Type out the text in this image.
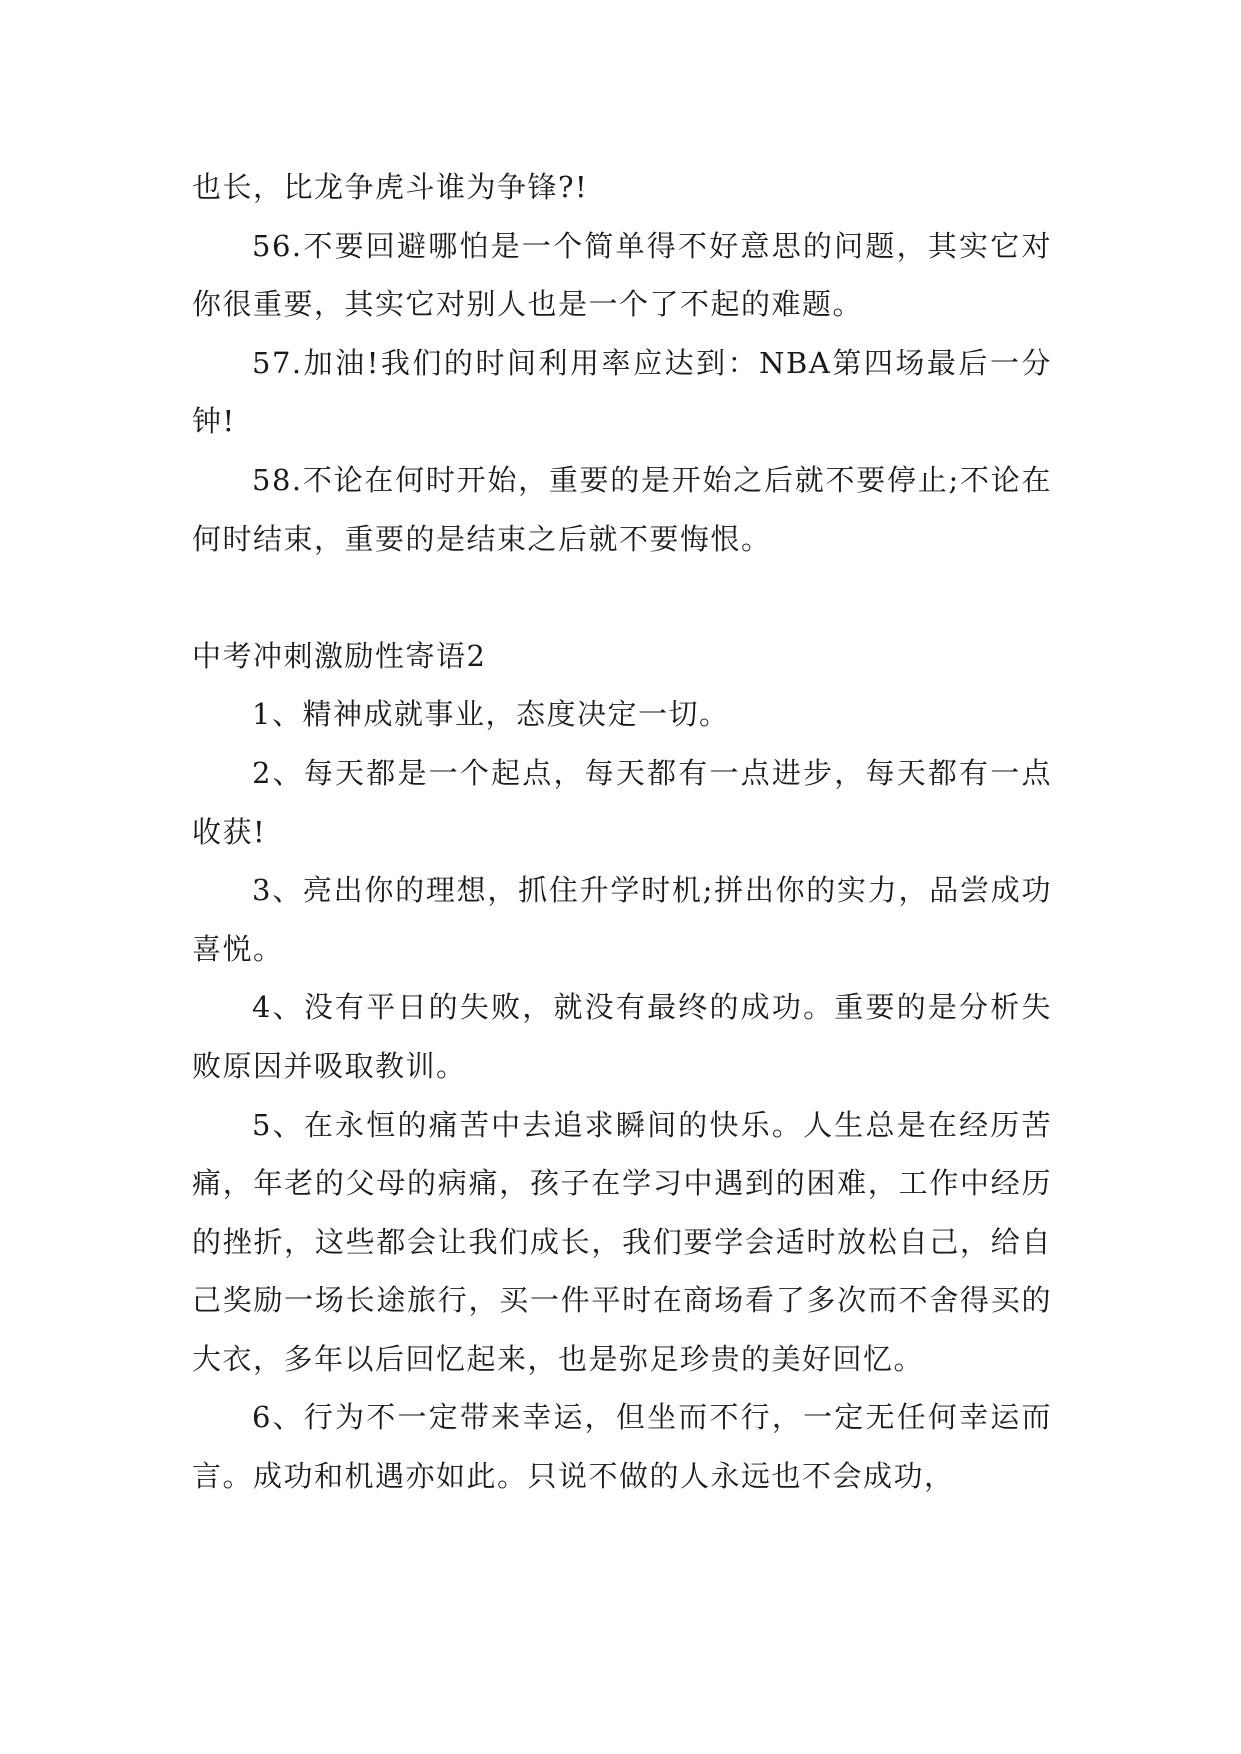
也长，比龙争虎斗谁为争锋?!

56.不要回避哪怕是一个简单得不好意思的问题，其实它对你很重要，其实它对别人也是一个了不起的难题。

57.加油!我们的时间利用率应达到：NBA第四场最后一分钟!

58.不论在何时开始，重要的是开始之后就不要停止;不论在何时结束，重要的是结束之后就不要悔恨。

中考冲刺激励性寄语2

1、精神成就事业，态度决定一切。

2、每天都是一个起点，每天都有一点进步，每天都有一点收获!

3、亮出你的理想，抓住升学时机;拼出你的实力，品尝成功喜悦。

4、没有平日的失败，就没有最终的成功。重要的是分析失败原因并吸取教训。

5、在永恒的痛苦中去追求瞬间的快乐。人生总是在经历苦痛，年老的父母的病痛，孩子在学习中遇到的困难，工作中经历的挫折，这些都会让我们成长，我们要学会适时放松自己，给自己奖励一场长途旅行，买一件平时在商场看了多次而不舍得买的大衣，多年以后回忆起来，也是弥足珍贵的美好回忆。

6、行为不一定带来幸运，但坐而不行，一定无任何幸运而言。成功和机遇亦如此。只说不做的人永远也不会成功，
